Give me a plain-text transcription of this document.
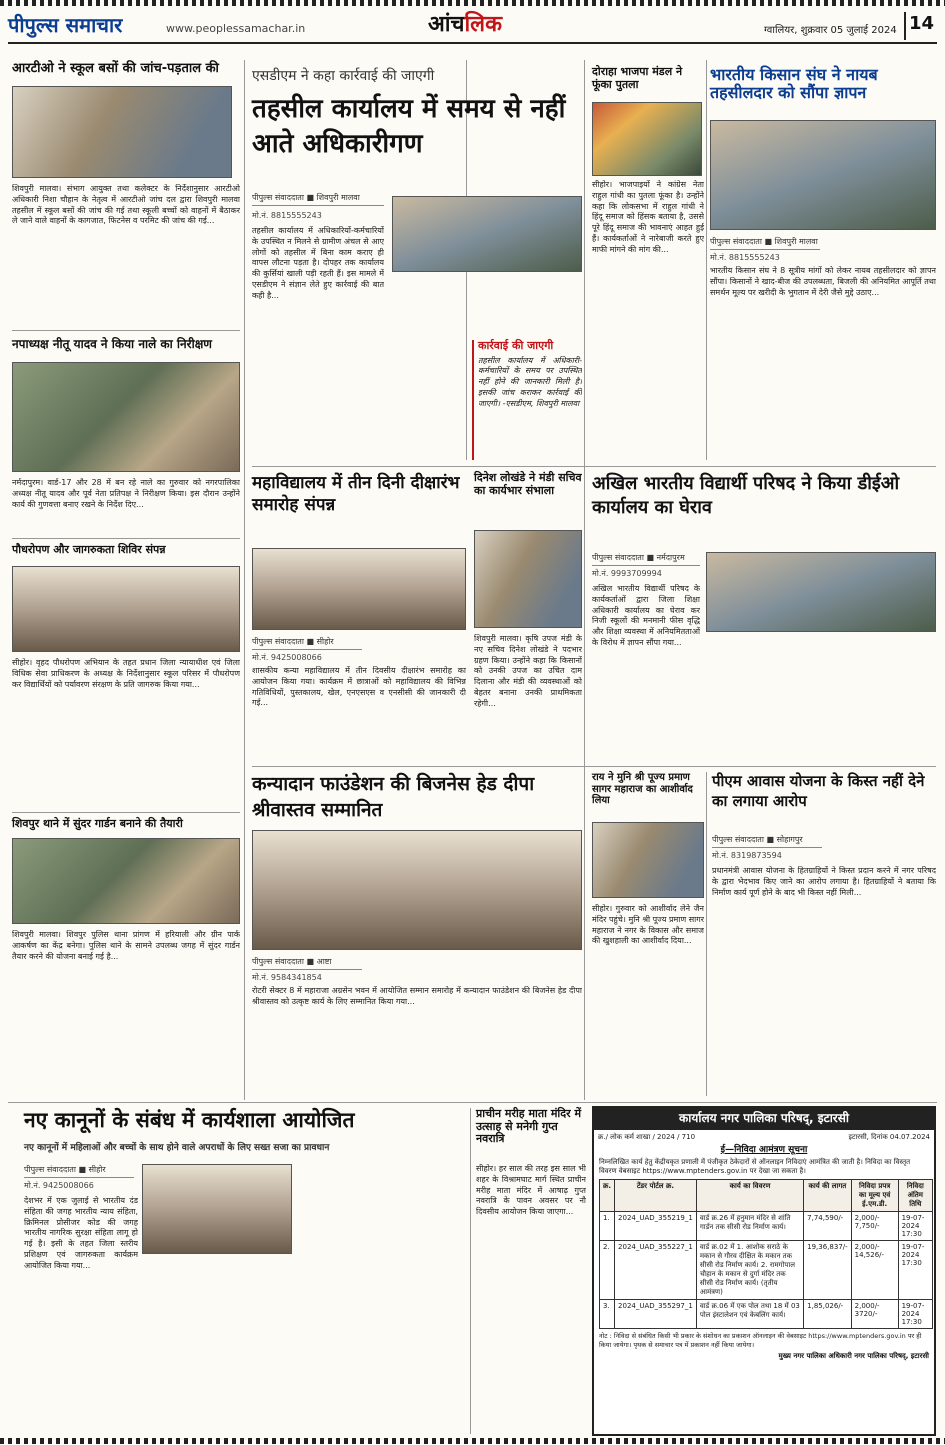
पीपुल्स समाचार	www.peoplessamachar.in	आंचलिक	ग्वालियर, शुक्रवार 05 जुलाई 2024 14
आरटीओ ने स्कूल बसों की जांच-पड़ताल की
शिवपुरी मालवा। संभाग आयुक्त तथा कलेक्टर के निर्देशानुसार आरटीओ अधिकारी निशा चौहान के नेतृत्व में आरटीओ जांच दल द्वारा शिवपुरी मालवा तहसील में स्कूल बसों की जांच की गई तथा स्कूली बच्चों को वाहनों में बैठाकर ले जाने वाले वाहनों के कागजात, फिटनेस व परमिट की जांच की गई...
नपाध्यक्ष नीतू यादव ने किया नाले का निरीक्षण
नर्मदापुरम। वार्ड-17 और 28 में बन रहे नाले का गुरुवार को नगरपालिका अध्यक्ष नीतू यादव और पूर्व नेता प्रतिपक्ष ने निरीक्षण किया। इस दौरान उन्होंने कार्य की गुणवत्ता बनाए रखने के निर्देश दिए...
पौधरोपण और जागरुकता शिविर संपन्न
सीहोर। वृहद पौधरोपण अभियान के तहत प्रधान जिला न्यायाधीश एवं जिला विधिक सेवा प्राधिकरण के अध्यक्ष के निर्देशानुसार स्कूल परिसर में पौधरोपण कर विद्यार्थियों को पर्यावरण संरक्षण के प्रति जागरुक किया गया...
शिवपुर थाने में सुंदर गार्डन बनाने की तैयारी
शिवपुरी मालवा। शिवपुर पुलिस थाना प्रांगण में हरियाली और ग्रीन पार्क आकर्षण का केंद्र बनेगा। पुलिस थाने के सामने उपलब्ध जगह में सुंदर गार्डन तैयार करने की योजना बनाई गई है...
एसडीएम ने कहा कार्रवाई की जाएगी
तहसील कार्यालय में समय से नहीं आते अधिकारीगण
पीपुल्स संवाददाता ■ शिवपुरी मालवा
मो.नं. 8815555243
तहसील कार्यालय में अधिकारियों-कर्मचारियों के उपस्थित न मिलने से ग्रामीण अंचल से आए लोगों को तहसील में बिना काम कराए ही वापस लौटना पड़ता है। दोपहर तक कार्यालय की कुर्सियां खाली पड़ी रहती हैं। इस मामले में एसडीएम ने संज्ञान लेते हुए कार्रवाई की बात कही है...
कार्रवाई की जाएगी
तहसील कार्यालय में अधिकारी-कर्मचारियों के समय पर उपस्थित नहीं होने की जानकारी मिली है। इसकी जांच कराकर कार्रवाई की जाएगी। -एसडीएम, शिवपुरी मालवा
दोराहा भाजपा मंडल ने फूंका पुतला
सीहोर। भाजपाइयों ने कांग्रेस नेता राहुल गांधी का पुतला फूंका है। उन्होंने कहा कि लोकसभा में राहुल गांधी ने हिंदू समाज को हिंसक बताया है, उससे पूरे हिंदू समाज की भावनाएं आहत हुई हैं। कार्यकर्ताओं ने नारेबाजी करते हुए माफी मांगने की मांग की...
भारतीय किसान संघ ने नायब तहसीलदार को सौंपा ज्ञापन
पीपुल्स संवाददाता ■ शिवपुरी मालवा
मो.नं. 8815555243
भारतीय किसान संघ ने 8 सूत्रीय मांगों को लेकर नायब तहसीलदार को ज्ञापन सौंपा। किसानों ने खाद-बीज की उपलब्धता, बिजली की अनियमित आपूर्ति तथा समर्थन मूल्य पर खरीदी के भुगतान में देरी जैसे मुद्दे उठाए...
महाविद्यालय में तीन दिनी दीक्षारंभ समारोह संपन्न
पीपुल्स संवाददाता ■ सीहोर
मो.नं. 9425008066
शासकीय कन्या महाविद्यालय में तीन दिवसीय दीक्षारंभ समारोह का आयोजन किया गया। कार्यक्रम में छात्राओं को महाविद्यालय की विभिन्न गतिविधियों, पुस्तकालय, खेल, एनएसएस व एनसीसी की जानकारी दी गई...
दिनेश लोखंडे ने मंडी सचिव का कार्यभार संभाला
शिवपुरी मालवा। कृषि उपज मंडी के नए सचिव दिनेश लोखंडे ने पदभार ग्रहण किया। उन्होंने कहा कि किसानों को उनकी उपज का उचित दाम दिलाना और मंडी की व्यवस्थाओं को बेहतर बनाना उनकी प्राथमिकता रहेगी...
अखिल भारतीय विद्यार्थी परिषद ने किया डीईओ कार्यालय का घेराव
पीपुल्स संवाददाता ■ नर्मदापुरम
मो.नं. 9993709994
अखिल भारतीय विद्यार्थी परिषद के कार्यकर्ताओं द्वारा जिला शिक्षा अधिकारी कार्यालय का घेराव कर निजी स्कूलों की मनमानी फीस वृद्धि और शिक्षा व्यवस्था में अनियमितताओं के विरोध में ज्ञापन सौंपा गया...
कन्यादान फाउंडेशन की बिजनेस हेड दीपा श्रीवास्तव सम्मानित
पीपुल्स संवाददाता ■ आष्टा
मो.नं. 9584341854
रोटरी सेक्टर 8 में महाराजा अग्रसेन भवन में आयोजित सम्मान समारोह में कन्यादान फाउंडेशन की बिजनेस हेड दीपा श्रीवास्तव को उत्कृष्ट कार्य के लिए सम्मानित किया गया...
राय ने मुनि श्री पूज्य प्रमाण सागर महाराज का आशीर्वाद लिया
सीहोर। गुरुवार को आशीर्वाद लेने जैन मंदिर पहुंचे। मुनि श्री पूज्य प्रमाण सागर महाराज ने नगर के विकास और समाज की खुशहाली का आशीर्वाद दिया...
पीएम आवास योजना के किस्त नहीं देने का लगाया आरोप
पीपुल्स संवाददाता ■ सोहागपुर
मो.नं. 8319873594
प्रधानमंत्री आवास योजना के हितग्राहियों ने किस्त प्रदान करने में नगर परिषद के द्वारा भेदभाव किए जाने का आरोप लगाया है। हितग्राहियों ने बताया कि निर्माण कार्य पूर्ण होने के बाद भी किस्त नहीं मिली...
नए कानूनों के संबंध में कार्यशाला आयोजित
नए कानूनों में महिलाओं और बच्चों के साथ होने वाले अपराधों के लिए सख्त सजा का प्रावधान
पीपुल्स संवाददाता ■ सीहोर
मो.नं. 9425008066
देशभर में एक जुलाई से भारतीय दंड संहिता की जगह भारतीय न्याय संहिता, क्रिमिनल प्रोसीजर कोड की जगह भारतीय नागरिक सुरक्षा संहिता लागू हो गई है। इसी के तहत जिला स्तरीय प्रशिक्षण एवं जागरुकता कार्यक्रम आयोजित किया गया...
प्राचीन मरीह माता मंदिर में उत्साह से मनेगी गुप्त नवरात्रि
सीहोर। हर साल की तरह इस साल भी शहर के विश्रामघाट मार्ग स्थित प्राचीन मरीह माता मंदिर में आषाढ़ गुप्त नवरात्रि के पावन अवसर पर नौ दिवसीय आयोजन किया जाएगा...
कार्यालय नगर पालिका परिषद्, इटारसी
क्र./ लोक कर्म शाखा / 2024 / 710	इटारसी, दिनांक 04.07.2024
ई—निविदा आमंत्रण सूचना
निम्नलिखित कार्य हेतु केंद्रीयकृत प्रणाली में पंजीकृत ठेकेदारों से ऑनलाइन निविदाएं आमंत्रित की जाती है। निविदा का विस्तृत विवरण वेबसाइट https://www.mptenders.gov.in पर देखा जा सकता है।
क्र.	टेंडर पोर्टल क्र.	कार्य का विवरण	कार्य की लागत	निविदा प्रपत्र का मूल्य एवं ई.एम.डी.	निविदा अंतिम तिथि
1.	2024_UAD_355219_1	वार्ड क्र.26 में हनुमान मंदिर से शांति गार्डन तक सीसी रोड निर्माण कार्य।	7,74,590/-	2,000/- 7,750/-	19-07-2024 17:30
2.	2024_UAD_355227_1	वार्ड क्र.02 में 1. आशोक सराठे के मकान से गौरव दीक्षित के मकान तक सीसी रोड निर्माण कार्य। 2. रामगोपाल चौहान के मकान से दुर्गा मंदिर तक सीसी रोड निर्माण कार्य। (तृतीय आमंत्रण)	19,36,837/-	2,000/- 14,526/-	19-07-2024 17:30
3.	2024_UAD_355297_1	वार्ड क्र.06 में एक पोल तथा 18 में 03 पोल इंस्टालेशन एवं केबलिंग कार्य।	1,85,026/-	2,000/- 3720/-	19-07-2024 17:30
नोट : निविदा से संबंधित किसी भी प्रकार के संशोधन का प्रकाशन ऑनलाइन की वेबसाइट https://www.mptenders.gov.in पर ही किया जायेगा। पृथक से समाचार पत्र में प्रकाशन नहीं किया जायेगा।
मुख्य नगर पालिका अधिकारी नगर पालिका परिषद्, इटारसी
